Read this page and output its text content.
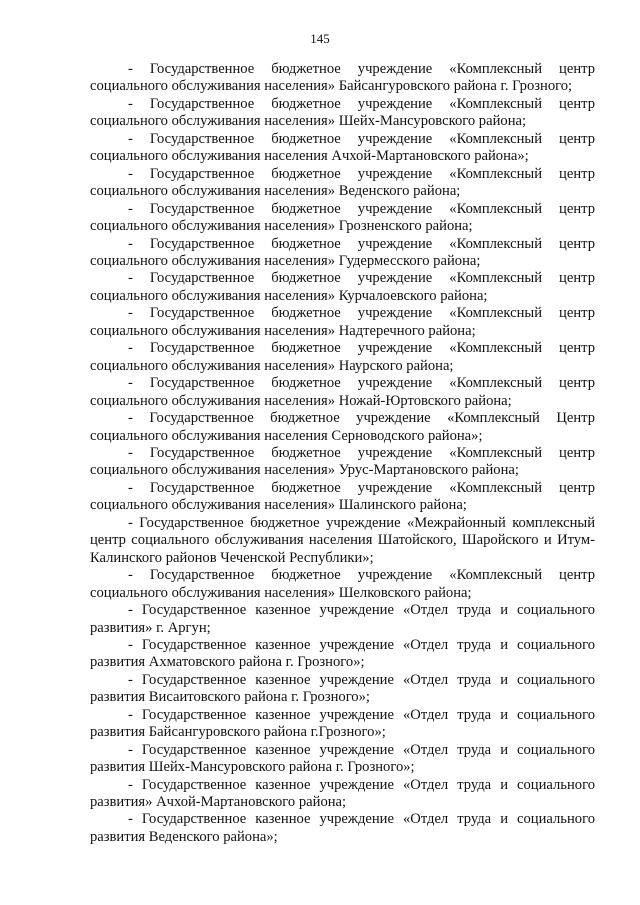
145

- Государственное бюджетное учреждение «Комплексный центр социального обслуживания населения» Байсангуровского района г. Грозного;

- Государственное бюджетное учреждение «Комплексный центр социального обслуживания населения» Шейх-Мансуровского района;

- Государственное бюджетное учреждение «Комплексный центр социального обслуживания населения Ачхой-Мартановского района»;

- Государственное бюджетное учреждение «Комплексный центр социального обслуживания населения» Веденского района;

- Государственное бюджетное учреждение «Комплексный центр социального обслуживания населения» Грозненского района;

- Государственное бюджетное учреждение «Комплексный центр социального обслуживания населения» Гудермесского района;

- Государственное бюджетное учреждение «Комплексный центр социального обслуживания населения» Курчалоевского района;

- Государственное бюджетное учреждение «Комплексный центр социального обслуживания населения» Надтеречного района;

- Государственное бюджетное учреждение «Комплексный центр социального обслуживания населения» Наурского района;

- Государственное бюджетное учреждение «Комплексный центр социального обслуживания населения» Ножай-Юртовского района;

- Государственное бюджетное учреждение «Комплексный Центр социального обслуживания населения Серноводского района»;

- Государственное бюджетное учреждение «Комплексный центр социального обслуживания населения» Урус-Мартановского района;

- Государственное бюджетное учреждение «Комплексный центр социального обслуживания населения» Шалинского района;

- Государственное бюджетное учреждение «Межрайонный комплексный центр социального обслуживания населения Шатойского, Шаройского и Итум-Калинского районов Чеченской Республики»;

- Государственное бюджетное учреждение «Комплексный центр социального обслуживания населения» Шелковского района;

- Государственное казенное учреждение «Отдел труда и социального развития» г. Аргун;

- Государственное казенное учреждение «Отдел труда и социального развития Ахматовского района г. Грозного»;

- Государственное казенное учреждение «Отдел труда и социального развития Висаитовского района г. Грозного»;

- Государственное казенное учреждение «Отдел труда и социального развития Байсангуровского района г.Грозного»;

- Государственное казенное учреждение «Отдел труда и социального развития Шейх-Мансуровского района г. Грозного»;

- Государственное казенное учреждение «Отдел труда и социального развития» Ачхой-Мартановского района;

- Государственное казенное учреждение «Отдел труда и социального развития Веденского района»;
